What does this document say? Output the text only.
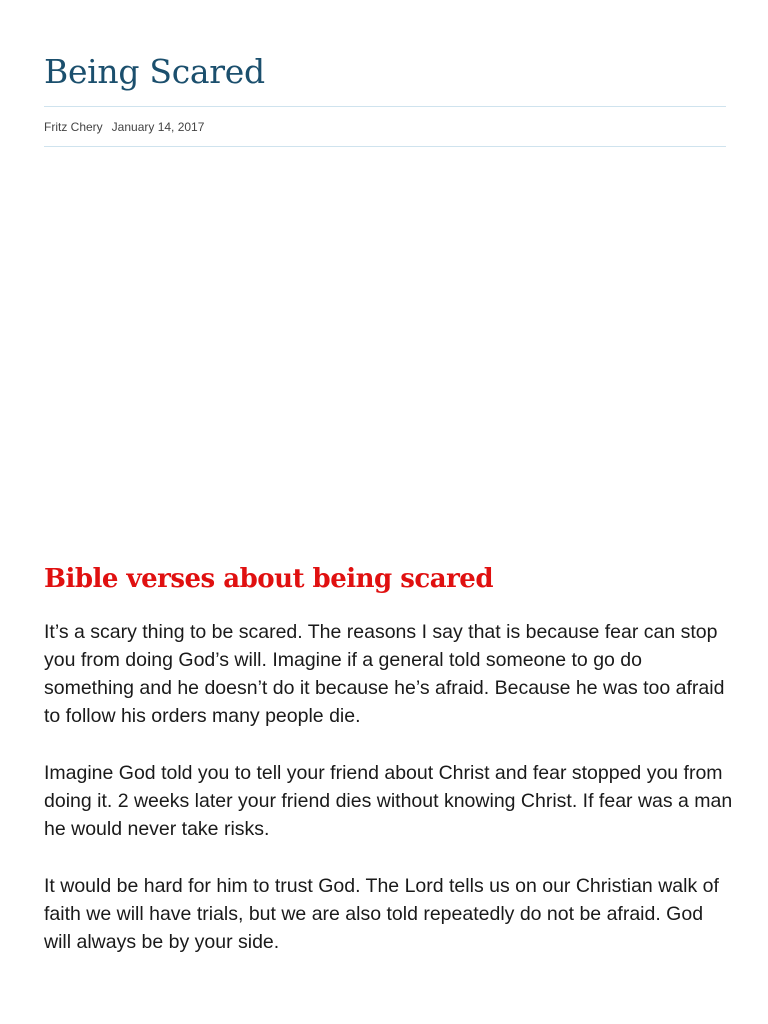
Being Scared
Fritz Chery January 14, 2017
Bible verses about being scared

It’s a scary thing to be scared. The reasons I say that is because fear can stop you from doing God’s will. Imagine if a general told someone to go do something and he doesn’t do it because he’s afraid. Because he was too afraid to follow his orders many people die.

Imagine God told you to tell your friend about Christ and fear stopped you from doing it. 2 weeks later your friend dies without knowing Christ. If fear was a man he would never take risks.

It would be hard for him to trust God. The Lord tells us on our Christian walk of faith we will have trials, but we are also told repeatedly do not be afraid. God will always be by your side.
